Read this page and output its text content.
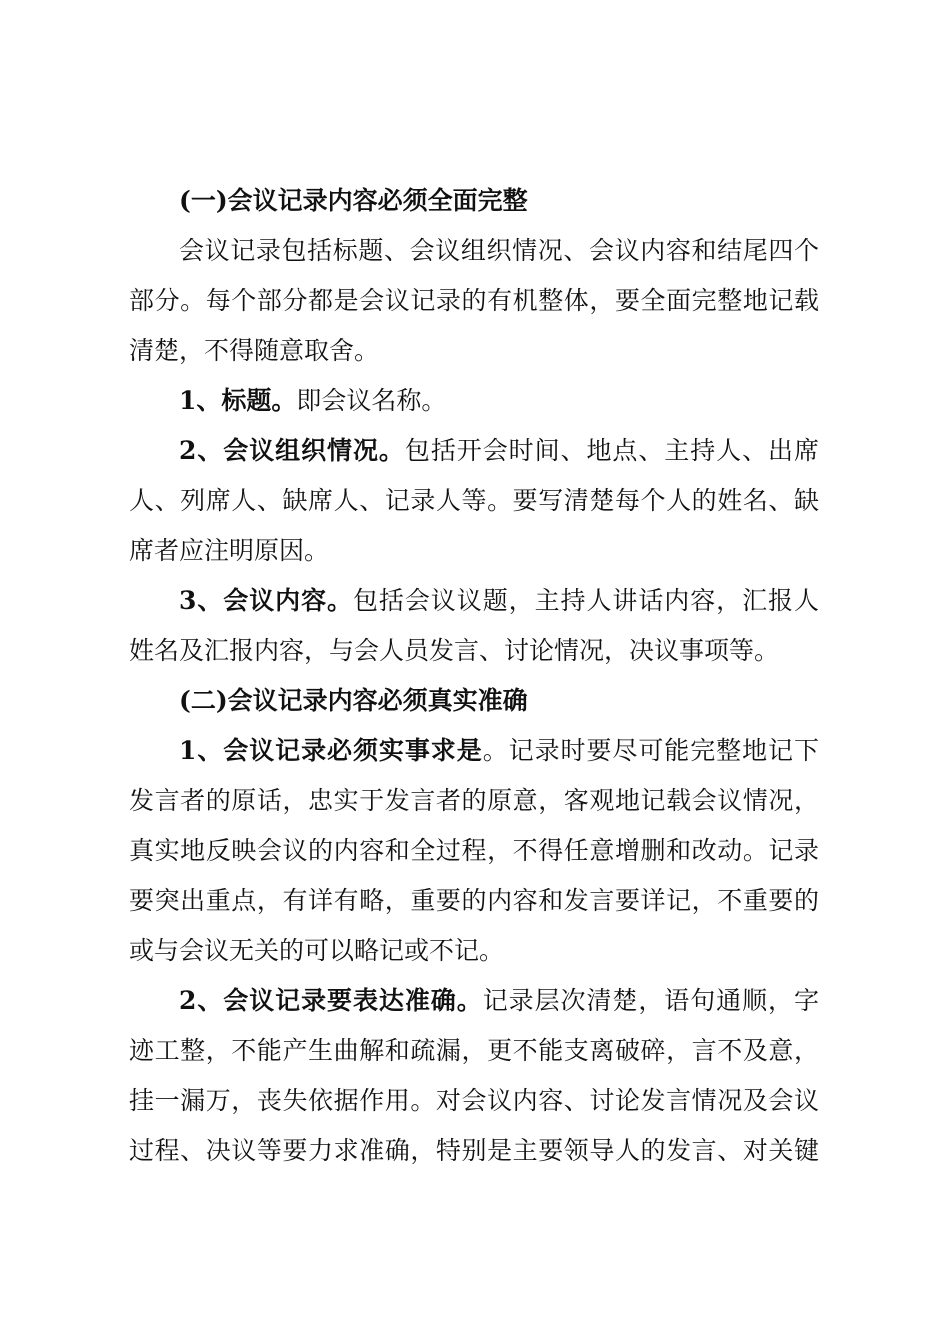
(一)会议记录内容必须全面完整
会议记录包括标题、会议组织情况、会议内容和结尾四个
部分。每个部分都是会议记录的有机整体，要全面完整地记载
清楚，不得随意取舍。
1、标题。即会议名称。
2、会议组织情况。包括开会时间、地点、主持人、出席
人、列席人、缺席人、记录人等。要写清楚每个人的姓名、缺
席者应注明原因。
3、会议内容。包括会议议题，主持人讲话内容，汇报人
姓名及汇报内容，与会人员发言、讨论情况，决议事项等。
(二)会议记录内容必须真实准确
1、会议记录必须实事求是。记录时要尽可能完整地记下
发言者的原话，忠实于发言者的原意，客观地记载会议情况，
真实地反映会议的内容和全过程，不得任意增删和改动。记录
要突出重点，有详有略，重要的内容和发言要详记，不重要的
或与会议无关的可以略记或不记。
2、会议记录要表达准确。记录层次清楚，语句通顺，字
迹工整，不能产生曲解和疏漏，更不能支离破碎，言不及意，
挂一漏万，丧失依据作用。对会议内容、讨论发言情况及会议
过程、决议等要力求准确，特别是主要领导人的发言、对关键
